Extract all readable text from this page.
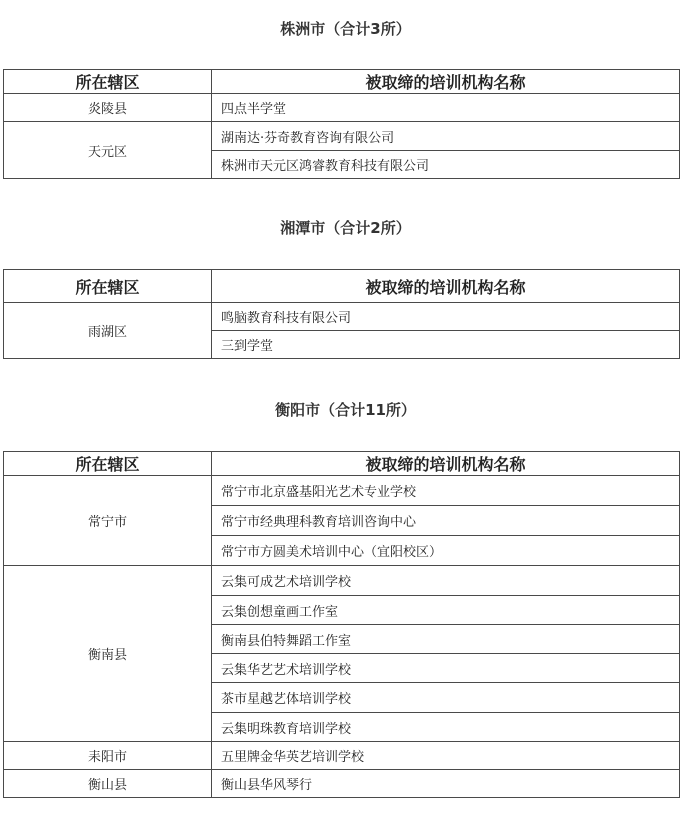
株洲市（合计3所）
所在辖区	被取缔的培训机构名称
炎陵县	四点半学堂
天元区	湖南达·芬奇教育咨询有限公司
	株洲市天元区鸿睿教育科技有限公司
湘潭市（合计2所）
所在辖区	被取缔的培训机构名称
雨湖区	鸣脑教育科技有限公司
	三到学堂
衡阳市（合计11所）
所在辖区	被取缔的培训机构名称
常宁市	常宁市北京盛基阳光艺术专业学校
	常宁市经典理科教育培训咨询中心
	常宁市方圆美术培训中心（宜阳校区）
衡南县	云集可成艺术培训学校
	云集创想童画工作室
	衡南县伯特舞蹈工作室
	云集华艺艺术培训学校
	茶市星越艺体培训学校
	云集明珠教育培训学校
耒阳市	五里牌金华英艺培训学校
衡山县	衡山县华风琴行
